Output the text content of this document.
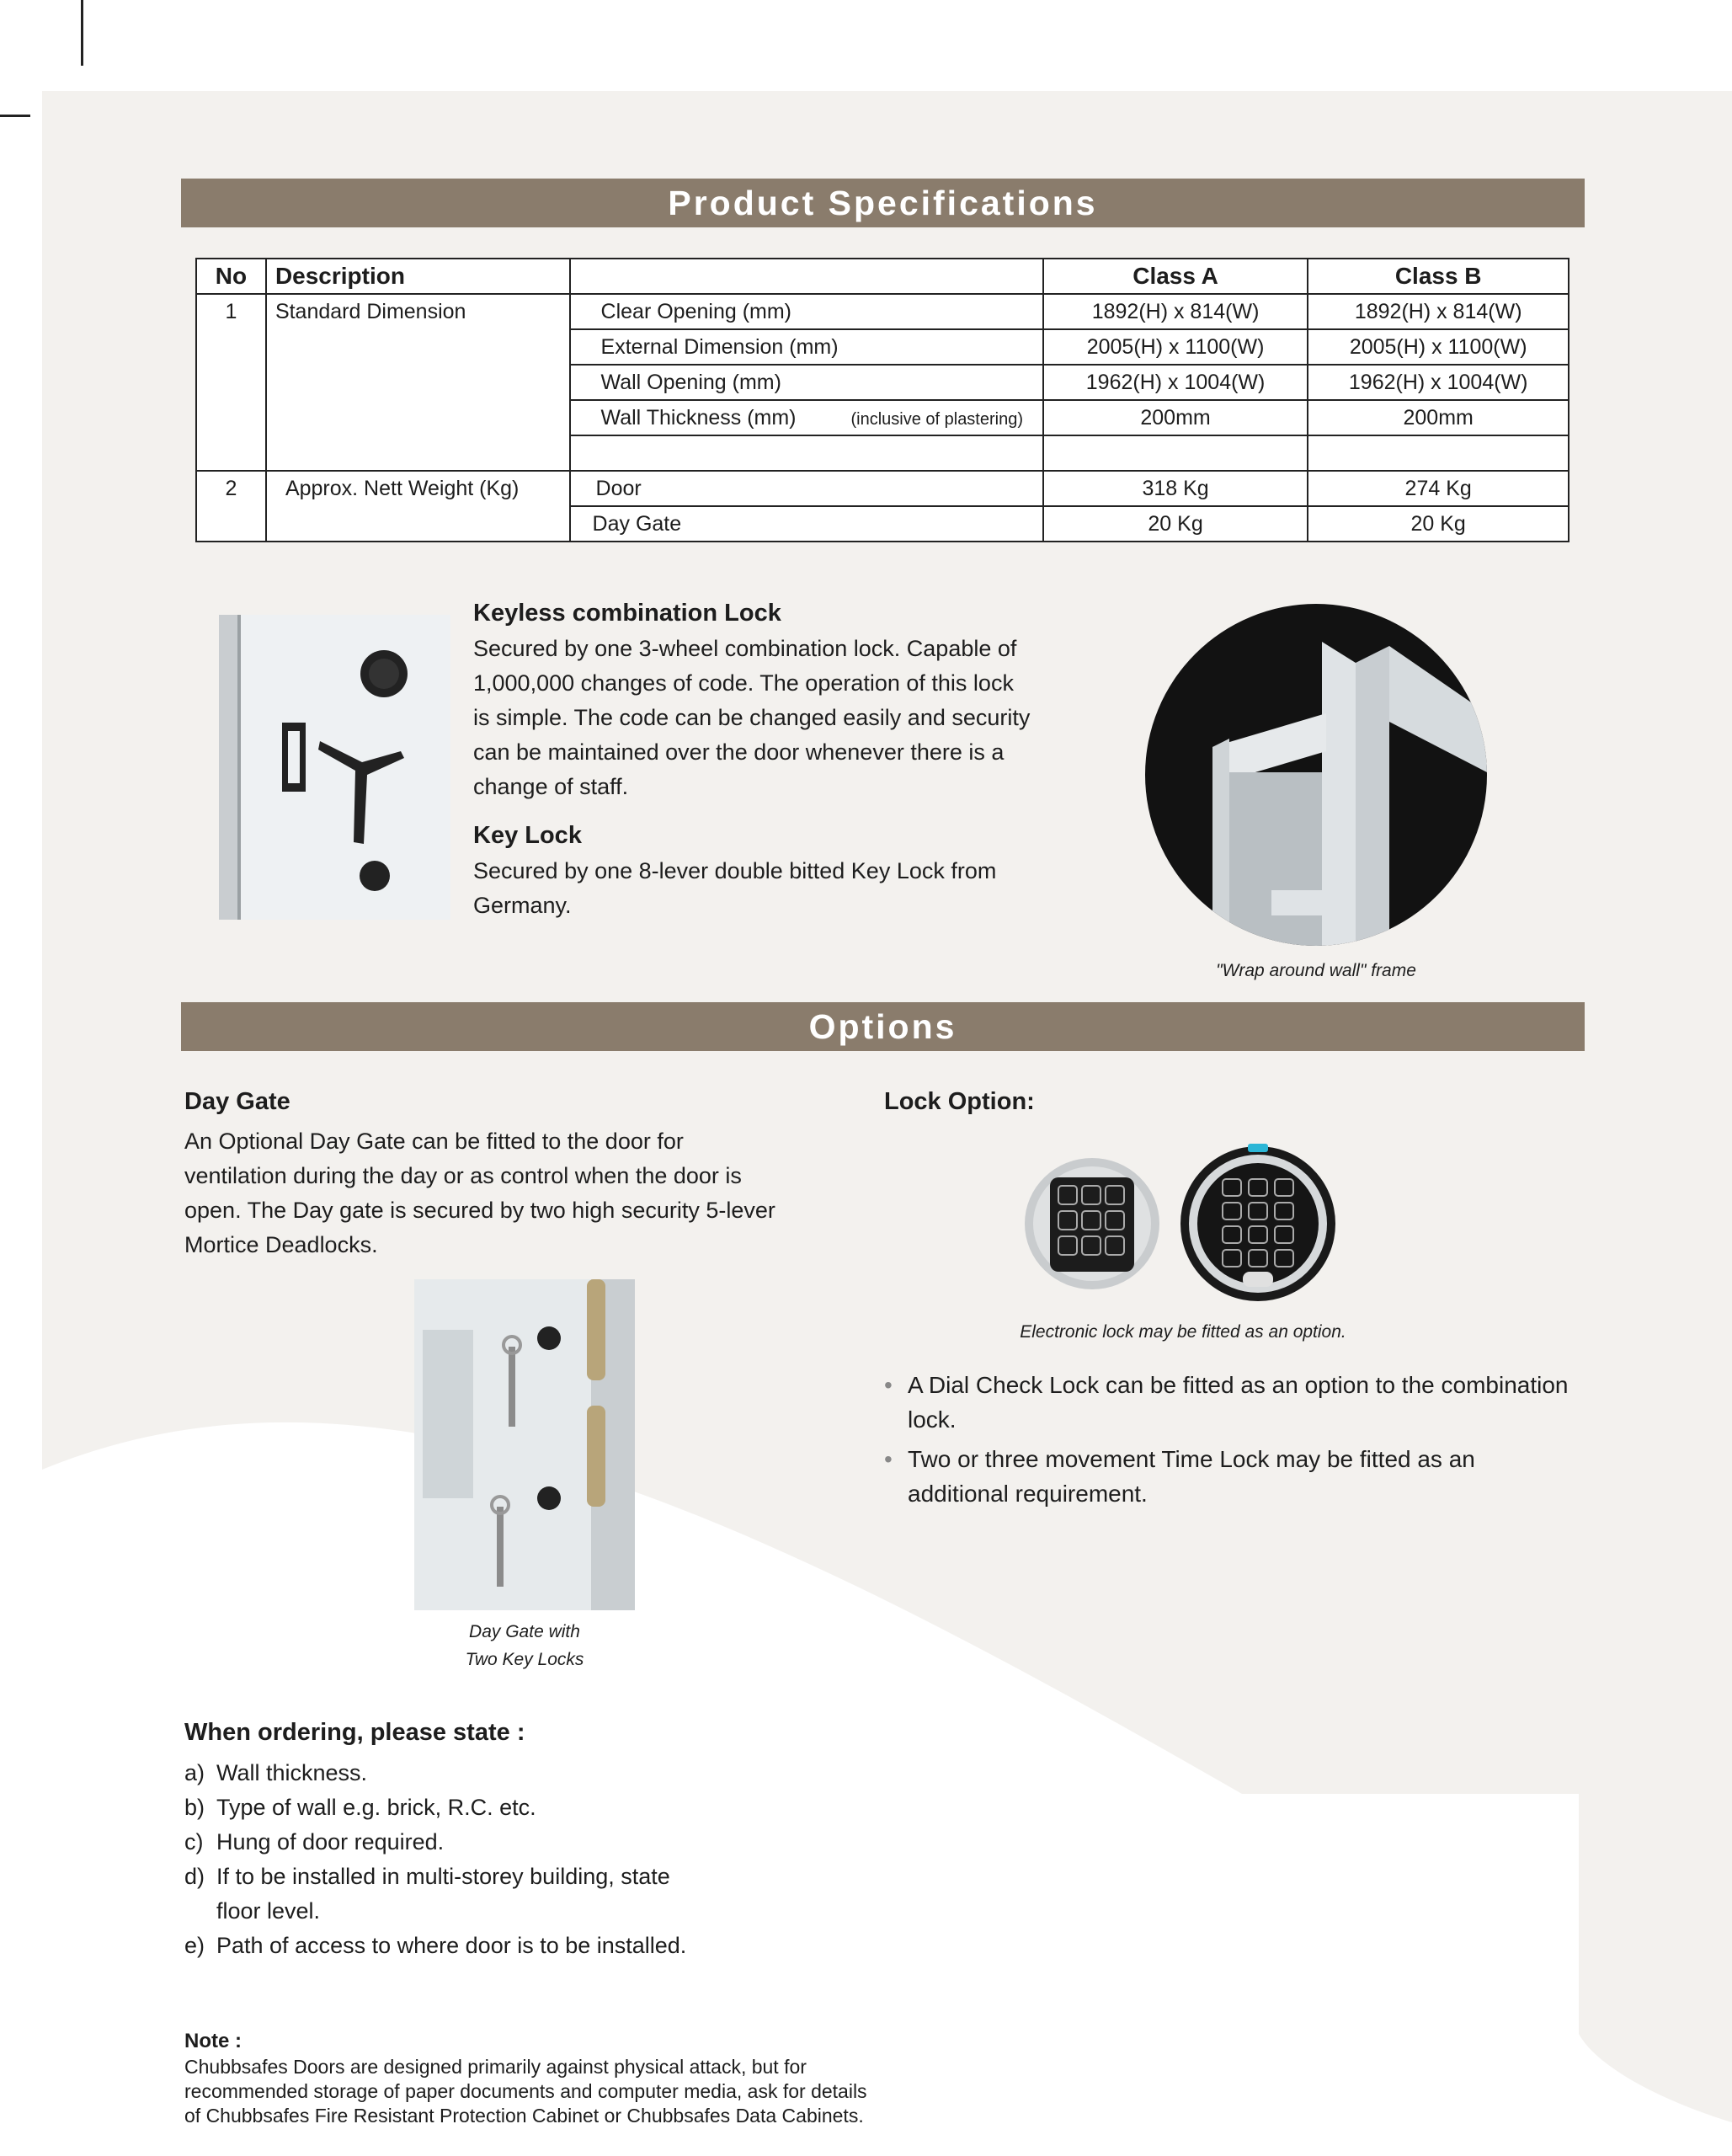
Product Specifications
No	Description		Class A	Class B
1	Standard Dimension	Clear Opening (mm)	1892(H) x 814(W)	1892(H) x 814(W)
		External Dimension (mm)	2005(H) x 1100(W)	2005(H) x 1100(W)
		Wall Opening (mm)	1962(H) x 1004(W)	1962(H) x 1004(W)
		Wall Thickness (mm) (inclusive of plastering)	200mm	200mm

2	Approx. Nett Weight (Kg)	Door	318 Kg	274 Kg
		Day Gate	20 Kg	20 Kg
Keyless combination Lock
Secured by one 3-wheel combination lock. Capable of
1,000,000 changes of code. The operation of this lock
is simple. The code can be changed easily and security
can be maintained over the door whenever there is a
change of staff.
Key Lock
Secured by one 8-lever double bitted Key Lock from
Germany.
"Wrap around wall" frame
Options
Day Gate
An Optional Day Gate can be fitted to the door for
ventilation during the day or as control when the door is
open. The Day gate is secured by two high security 5-lever
Mortice Deadlocks.
Day Gate with
Two Key Locks
Lock Option:
Electronic lock may be fitted as an option.
• A Dial Check Lock can be fitted as an option to the combination lock.
• Two or three movement Time Lock may be fitted as an additional requirement.
When ordering, please state :
a) Wall thickness.
b) Type of wall e.g. brick, R.C. etc.
c) Hung of door required.
d) If to be installed in multi-storey building, state floor level.
e) Path of access to where door is to be installed.
Note :
Chubbsafes Doors are designed primarily against physical attack, but for
recommended storage of paper documents and computer media, ask for details
of Chubbsafes Fire Resistant Protection Cabinet or Chubbsafes Data Cabinets.
